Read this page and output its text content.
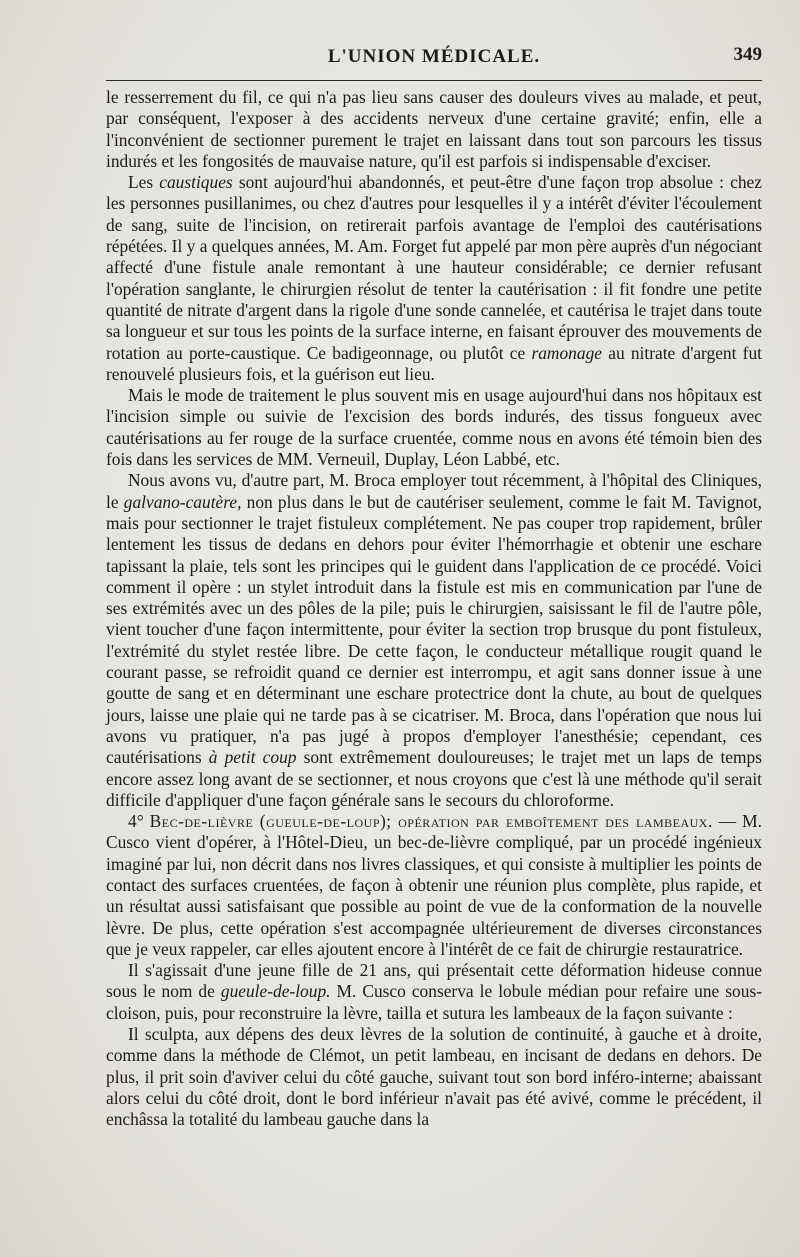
L'UNION MÉDICALE.	349

le resserrement du fil, ce qui n'a pas lieu sans causer des douleurs vives au malade, et peut, par conséquent, l'exposer à des accidents nerveux d'une certaine gravité; enfin, elle a l'inconvénient de sectionner purement le trajet en laissant dans tout son parcours les tissus indurés et les fongosités de mauvaise nature, qu'il est parfois si indispensable d'exciser.

Les caustiques sont aujourd'hui abandonnés, et peut-être d'une façon trop absolue : chez les personnes pusillanimes, ou chez d'autres pour lesquelles il y a intérêt d'éviter l'écoulement de sang, suite de l'incision, on retirerait parfois avantage de l'emploi des cautérisations répétées. Il y a quelques années, M. Am. Forget fut appelé par mon père auprès d'un négociant affecté d'une fistule anale remontant à une hauteur considérable; ce dernier refusant l'opération sanglante, le chirurgien résolut de tenter la cautérisation : il fit fondre une petite quantité de nitrate d'argent dans la rigole d'une sonde cannelée, et cautérisa le trajet dans toute sa longueur et sur tous les points de la surface interne, en faisant éprouver des mouvements de rotation au porte-caustique. Ce badigeonnage, ou plutôt ce ramonage au nitrate d'argent fut renouvelé plusieurs fois, et la guérison eut lieu.

Mais le mode de traitement le plus souvent mis en usage aujourd'hui dans nos hôpitaux est l'incision simple ou suivie de l'excision des bords indurés, des tissus fongueux avec cautérisations au fer rouge de la surface cruentée, comme nous en avons été témoin bien des fois dans les services de MM. Verneuil, Duplay, Léon Labbé, etc.

Nous avons vu, d'autre part, M. Broca employer tout récemment, à l'hôpital des Cliniques, le galvano-cautère, non plus dans le but de cautériser seulement, comme le fait M. Tavignot, mais pour sectionner le trajet fistuleux complétement. Ne pas couper trop rapidement, brûler lentement les tissus de dedans en dehors pour éviter l'hémorrhagie et obtenir une eschare tapissant la plaie, tels sont les principes qui le guident dans l'application de ce procédé. Voici comment il opère : un stylet introduit dans la fistule est mis en communication par l'une de ses extrémités avec un des pôles de la pile; puis le chirurgien, saisissant le fil de l'autre pôle, vient toucher d'une façon intermittente, pour éviter la section trop brusque du pont fistuleux, l'extrémité du stylet restée libre. De cette façon, le conducteur métallique rougit quand le courant passe, se refroidit quand ce dernier est interrompu, et agit sans donner issue à une goutte de sang et en déterminant une eschare protectrice dont la chute, au bout de quelques jours, laisse une plaie qui ne tarde pas à se cicatriser. M. Broca, dans l'opération que nous lui avons vu pratiquer, n'a pas jugé à propos d'employer l'anesthésie; cependant, ces cautérisations à petit coup sont extrêmement douloureuses; le trajet met un laps de temps encore assez long avant de se sectionner, et nous croyons que c'est là une méthode qu'il serait difficile d'appliquer d'une façon générale sans le secours du chloroforme.

4° Bec-de-lièvre (gueule-de-loup); opération par emboîtement des lambeaux. — M. Cusco vient d'opérer, à l'Hôtel-Dieu, un bec-de-lièvre compliqué, par un procédé ingénieux imaginé par lui, non décrit dans nos livres classiques, et qui consiste à multiplier les points de contact des surfaces cruentées, de façon à obtenir une réunion plus complète, plus rapide, et un résultat aussi satisfaisant que possible au point de vue de la conformation de la nouvelle lèvre. De plus, cette opération s'est accompagnée ultérieurement de diverses circonstances que je veux rappeler, car elles ajoutent encore à l'intérêt de ce fait de chirurgie restauratrice.

Il s'agissait d'une jeune fille de 21 ans, qui présentait cette déformation hideuse connue sous le nom de gueule-de-loup. M. Cusco conserva le lobule médian pour refaire une sous-cloison, puis, pour reconstruire la lèvre, tailla et sutura les lambeaux de la façon suivante :

Il sculpta, aux dépens des deux lèvres de la solution de continuité, à gauche et à droite, comme dans la méthode de Clémot, un petit lambeau, en incisant de dedans en dehors. De plus, il prit soin d'aviver celui du côté gauche, suivant tout son bord inféro-interne; abaissant alors celui du côté droit, dont le bord inférieur n'avait pas été avivé, comme le précédent, il enchâssa la totalité du lambeau gauche dans la
